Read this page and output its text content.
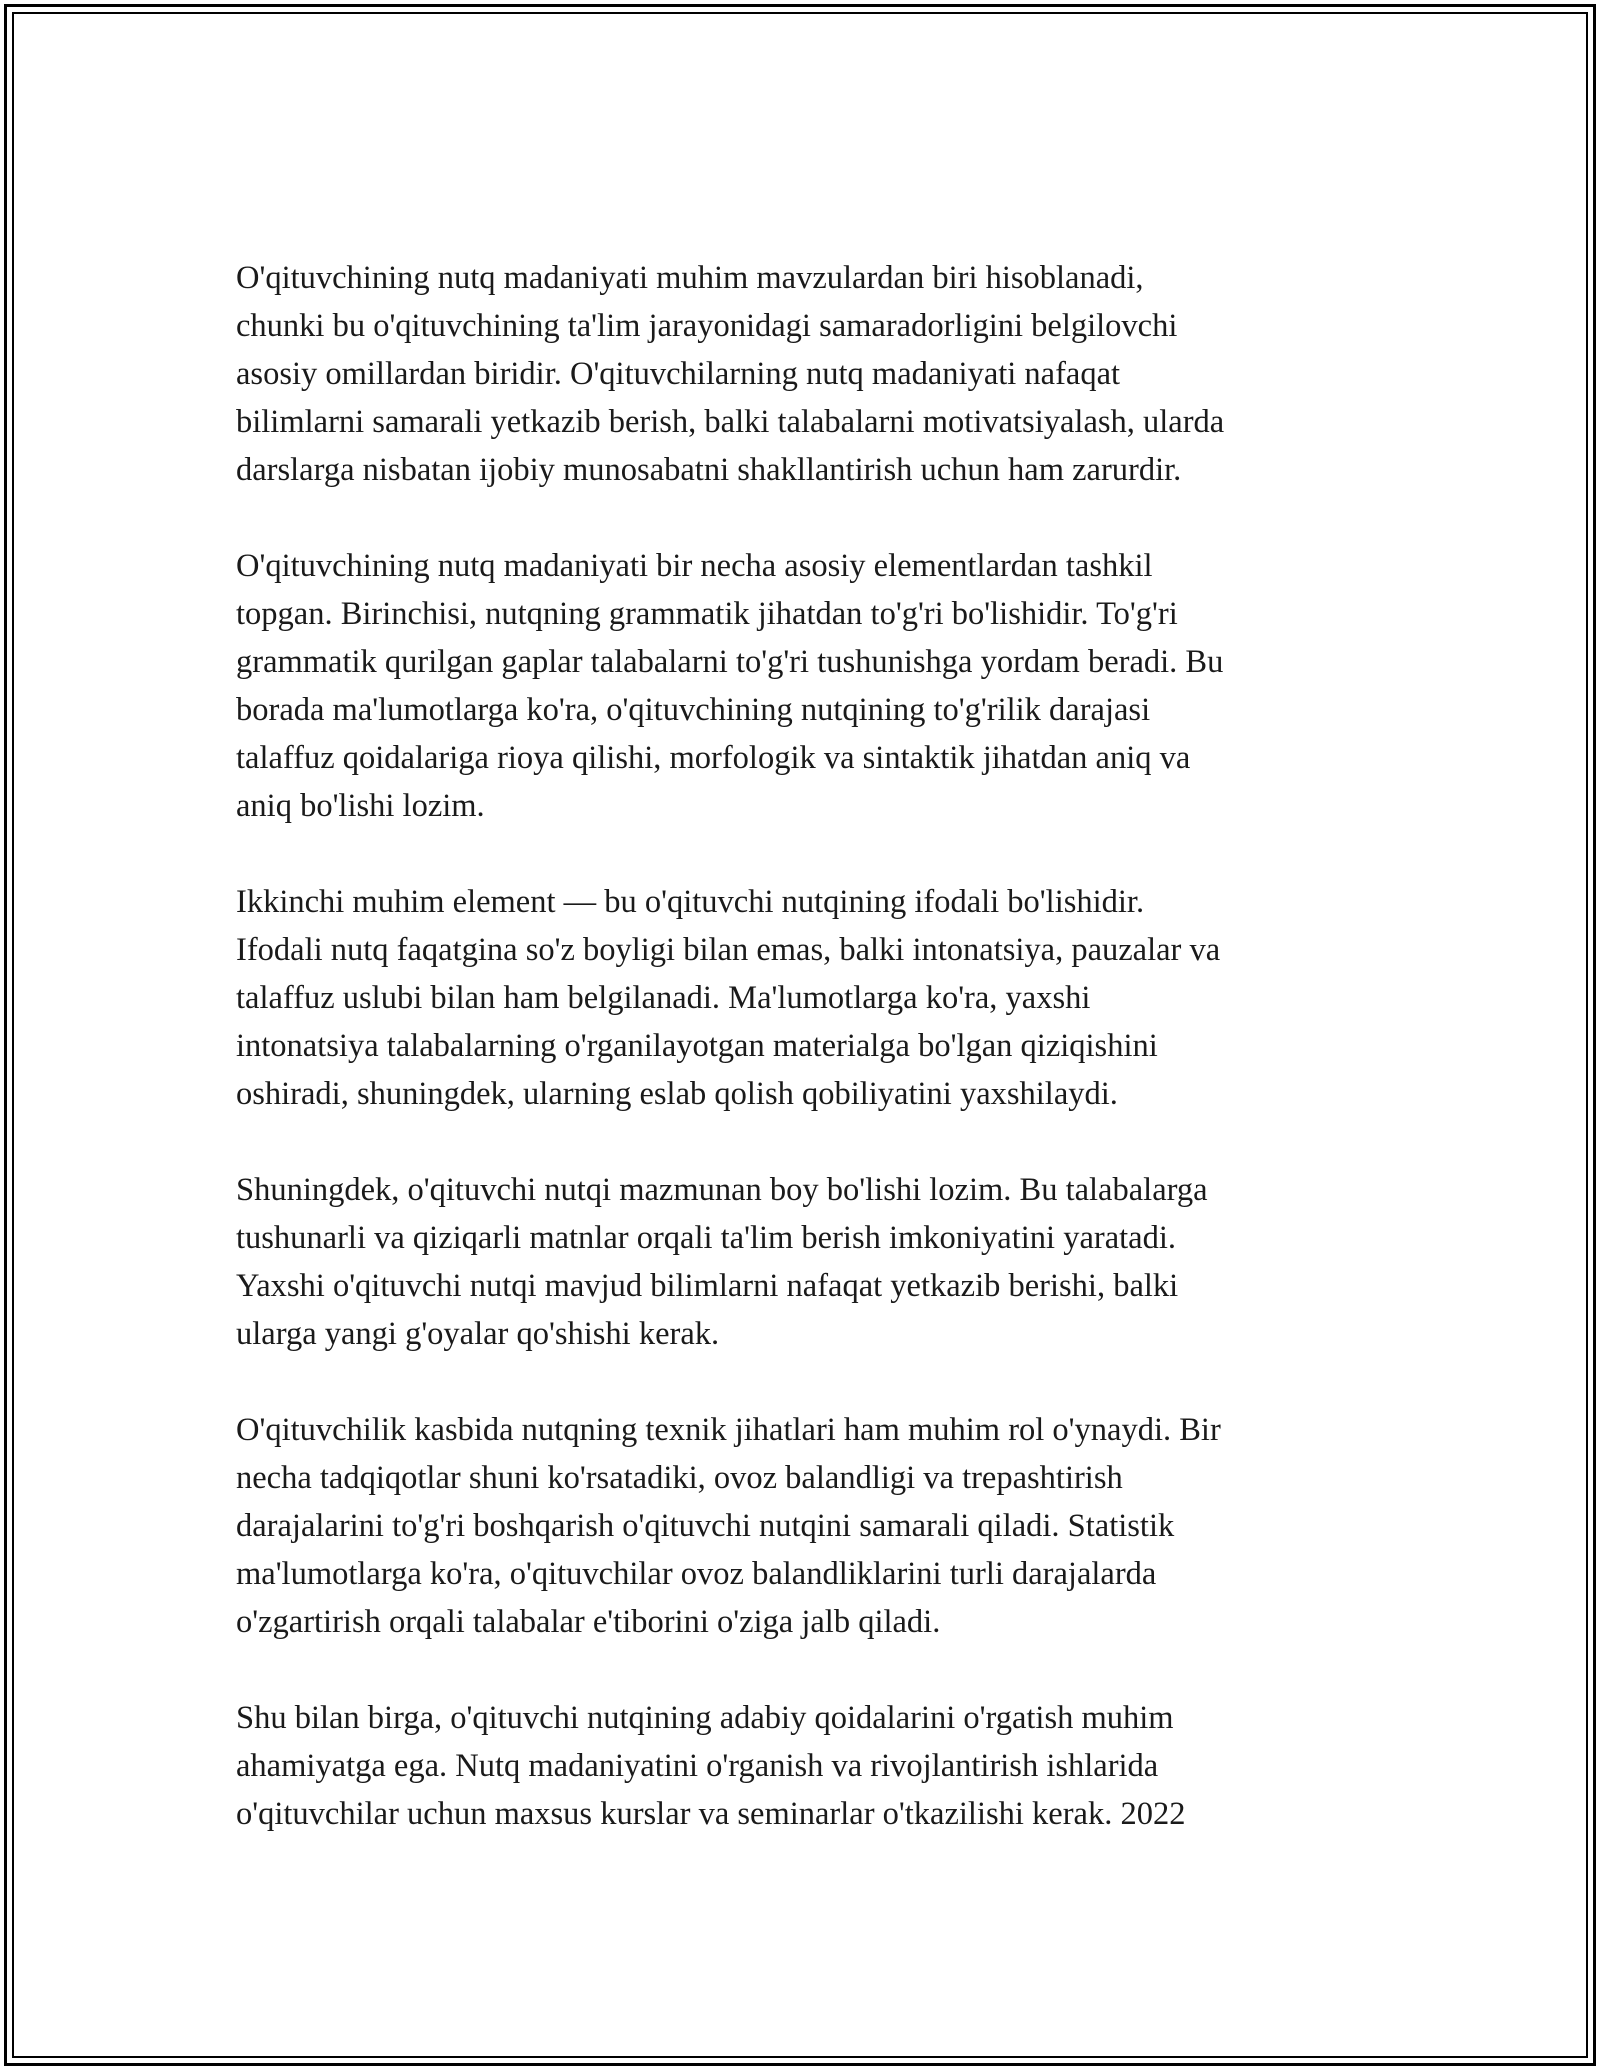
O'qituvchining nutq madaniyati muhim mavzulardan biri hisoblanadi,
chunki bu o'qituvchining ta'lim jarayonidagi samaradorligini belgilovchi
asosiy omillardan biridir. O'qituvchilarning nutq madaniyati nafaqat
bilimlarni samarali yetkazib berish, balki talabalarni motivatsiyalash, ularda
darslarga nisbatan ijobiy munosabatni shakllantirish uchun ham zarurdir.

O'qituvchining nutq madaniyati bir necha asosiy elementlardan tashkil
topgan. Birinchisi, nutqning grammatik jihatdan to'g'ri bo'lishidir. To'g'ri
grammatik qurilgan gaplar talabalarni to'g'ri tushunishga yordam beradi. Bu
borada ma'lumotlarga ko'ra, o'qituvchining nutqining to'g'rilik darajasi
talaffuz qoidalariga rioya qilishi, morfologik va sintaktik jihatdan aniq va
aniq bo'lishi lozim.

Ikkinchi muhim element — bu o'qituvchi nutqining ifodali bo'lishidir.
Ifodali nutq faqatgina so'z boyligi bilan emas, balki intonatsiya, pauzalar va
talaffuz uslubi bilan ham belgilanadi. Ma'lumotlarga ko'ra, yaxshi
intonatsiya talabalarning o'rganilayotgan materialga bo'lgan qiziqishini
oshiradi, shuningdek, ularning eslab qolish qobiliyatini yaxshilaydi.

Shuningdek, o'qituvchi nutqi mazmunan boy bo'lishi lozim. Bu talabalarga
tushunarli va qiziqarli matnlar orqali ta'lim berish imkoniyatini yaratadi.
Yaxshi o'qituvchi nutqi mavjud bilimlarni nafaqat yetkazib berishi, balki
ularga yangi g'oyalar qo'shishi kerak.

O'qituvchilik kasbida nutqning texnik jihatlari ham muhim rol o'ynaydi. Bir
necha tadqiqotlar shuni ko'rsatadiki, ovoz balandligi va trepashtirish
darajalarini to'g'ri boshqarish o'qituvchi nutqini samarali qiladi. Statistik
ma'lumotlarga ko'ra, o'qituvchilar ovoz balandliklarini turli darajalarda
o'zgartirish orqali talabalar e'tiborini o'ziga jalb qiladi.

Shu bilan birga, o'qituvchi nutqining adabiy qoidalarini o'rgatish muhim
ahamiyatga ega. Nutq madaniyatini o'rganish va rivojlantirish ishlarida
o'qituvchilar uchun maxsus kurslar va seminarlar o'tkazilishi kerak. 2022
